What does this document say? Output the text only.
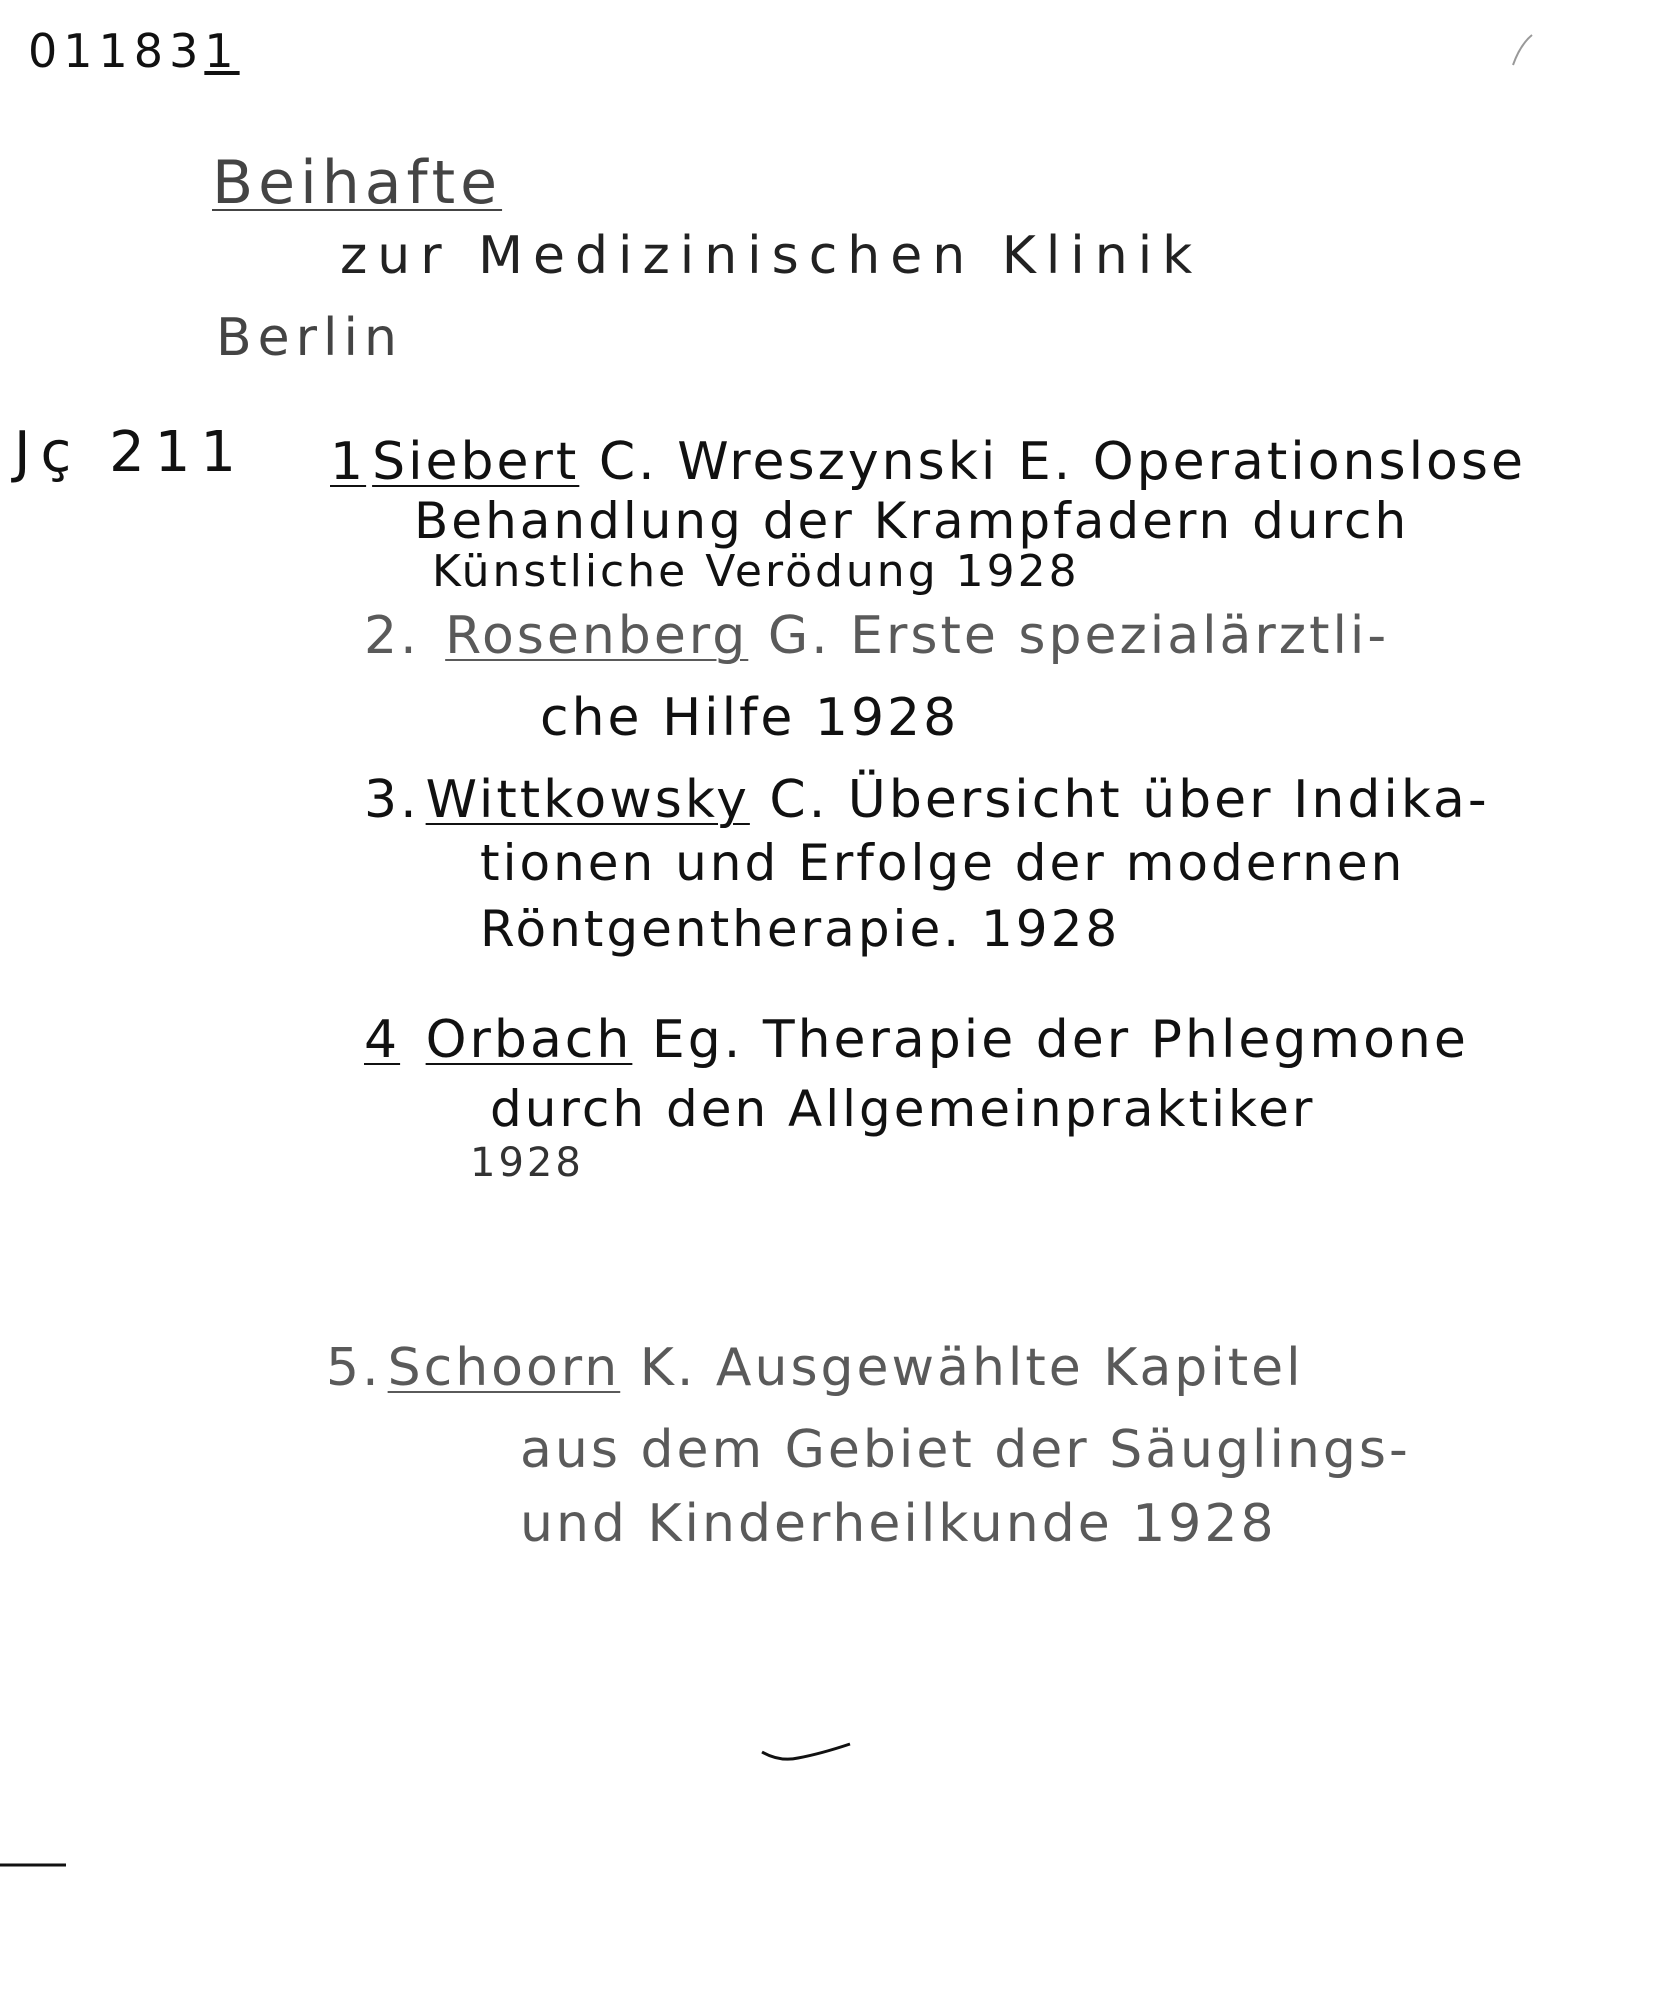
011831
Beihafte
zur Medizinischen Klinik
Berlin
Jç 211 1 Siebert C. Wreszynski E. Operationslose
Behandlung der Krampfadern durch
Künstliche Verödung 1928
2. Rosenberg G. Erste spezialärztli-
che Hilfe 1928
3. Wittkowsky C. Übersicht über Indika-
tionen und Erfolge der modernen
Röntgentherapie. 1928
4 Orbach Eg. Therapie der Phlegmone
durch den Allgemeinpraktiker
1928
5. Schoorn K. Ausgewählte Kapitel
aus dem Gebiet der Säuglings-
und Kinderheilkunde 1928
